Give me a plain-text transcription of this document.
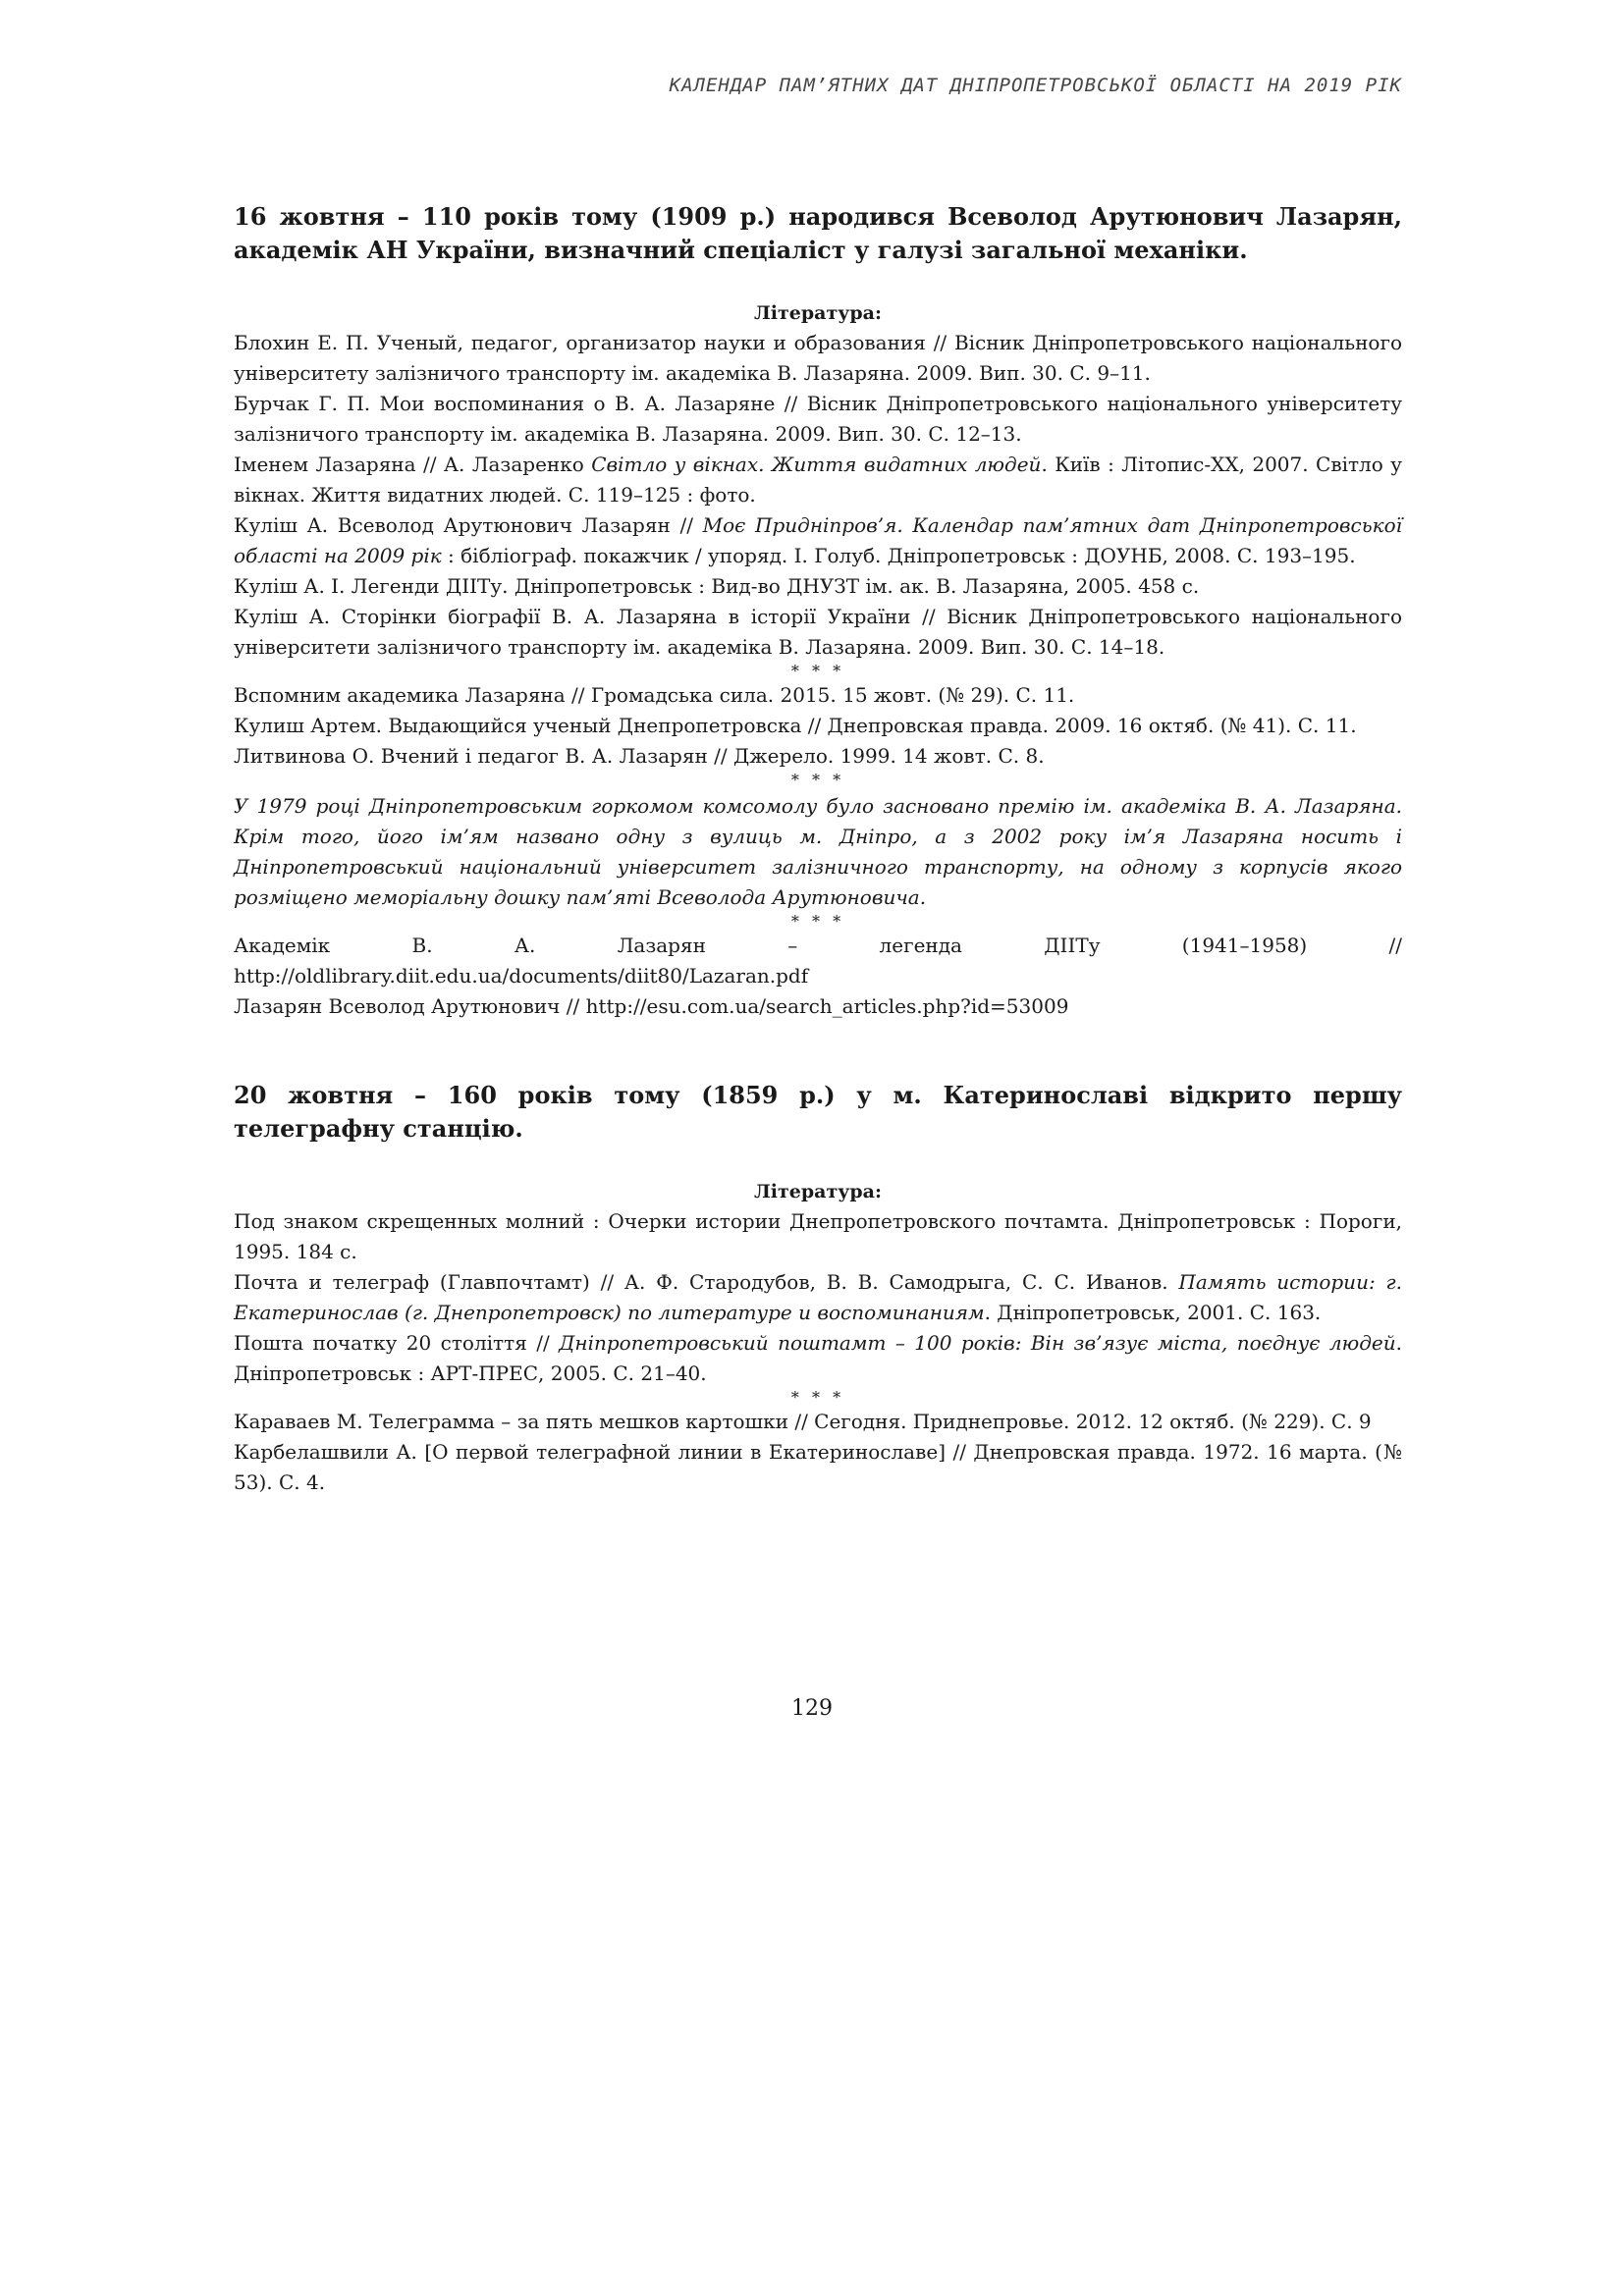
КАЛЕНДАР ПАМ’ЯТНИХ ДАТ ДНІПРОПЕТРОВСЬКОЇ ОБЛАСТІ НА 2019 РІК

16 жовтня – 110 років тому (1909 р.) народився Всеволод Арутюнович Лазарян, академік АН України, визначний спеціаліст у галузі загальної механіки.

Література:

Блохин Е. П. Ученый, педагог, организатор науки и образования // Вісник Дніпропетровського національного університету залізничого транспорту ім. академіка В. Лазаряна. 2009. Вип. 30. С. 9–11.

Бурчак Г. П. Мои воспоминания о В. А. Лазаряне // Вісник Дніпропетровського національного університету залізничого транспорту ім. академіка В. Лазаряна. 2009. Вип. 30. С. 12–13.

Іменем Лазаряна // А. Лазаренко Світло у вікнах. Життя видатних людей. Київ : Літопис-ХХ, 2007. Світло у вікнах. Життя видатних людей. С. 119–125 : фото.

Куліш А. Всеволод Арутюнович Лазарян // Моє Придніпров’я. Календар пам’ятних дат Дніпропетровської області на 2009 рік : бібліограф. покажчик / упоряд. І. Голуб. Дніпропетровськ : ДОУНБ, 2008. С. 193–195.

Куліш А. І. Легенди ДІІТу. Дніпропетровськ : Вид-во ДНУЗТ ім. ак. В. Лазаряна, 2005. 458 с.

Куліш А. Сторінки біографії В. А. Лазаряна в історії України // Вісник Дніпропетровського національного університети залізничого транспорту ім. академіка В. Лазаряна. 2009. Вип. 30. С. 14–18.

* * *

Вспомним академика Лазаряна // Громадська сила. 2015. 15 жовт. (№ 29). С. 11.

Кулиш Артем. Выдающийся ученый Днепропетровска // Днепровская правда. 2009. 16 октяб. (№ 41). С. 11.

Литвинова О. Вчений і педагог В. А. Лазарян // Джерело. 1999. 14 жовт. С. 8.

* * *

У 1979 році Дніпропетровським горкомом комсомолу було засновано премію ім. академіка В. А. Лазаряна. Крім того, його ім’ям названо одну з вулиць м. Дніпро, а з 2002 року ім’я Лазаряна носить і Дніпропетровський національний університет залізничного транспорту, на одному з корпусів якого розміщено меморіальну дошку пам’яті Всеволода Арутюновича.

* * *

Академік В. А. Лазарян – легенда ДІІТу (1941–1958) //

http://oldlibrary.diit.edu.ua/documents/diit80/Lazaran.pdf

Лазарян Всеволод Арутюнович // http://esu.com.ua/search_articles.php?id=53009

20 жовтня – 160 років тому (1859 р.) у м. Катеринославі відкрито першу телеграфну станцію.

Література:

Под знаком скрещенных молний : Очерки истории Днепропетровского почтамта. Дніпропетровськ : Пороги, 1995. 184 с.

Почта и телеграф (Главпочтамт) // А. Ф. Стародубов, В. В. Самодрыга, С. С. Иванов. Память истории: г. Екатеринослав (г. Днепропетровск) по литературе и воспоминаниям. Дніпропетровськ, 2001. С. 163.

Пошта початку 20 століття // Дніпропетровський поштамт – 100 років: Він зв’язує міста, поєднує людей. Дніпропетровськ : АРТ-ПРЕС, 2005. С. 21–40.

* * *

Караваев М. Телеграмма – за пять мешков картошки // Сегодня. Приднепровье. 2012. 12 октяб. (№ 229). С. 9

Карбелашвили А. [О первой телеграфной линии в Екатеринославе] // Днепровская правда. 1972. 16 марта. (№ 53). С. 4.

129
